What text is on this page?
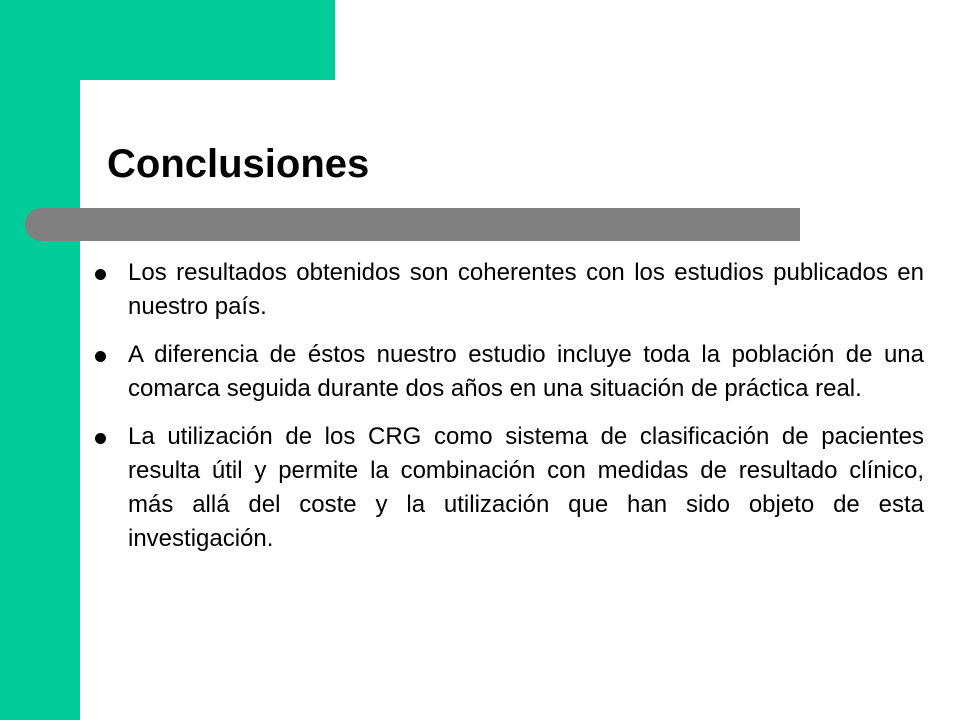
Conclusiones
Los resultados obtenidos son coherentes con los estudios publicados en nuestro país.
A diferencia de éstos nuestro estudio incluye toda la población de una comarca seguida durante dos años en una situación de práctica real.
La utilización de los CRG como sistema de clasificación de pacientes resulta útil y permite la combinación con medidas de resultado clínico, más allá del coste y la utilización que han sido objeto de esta investigación.
